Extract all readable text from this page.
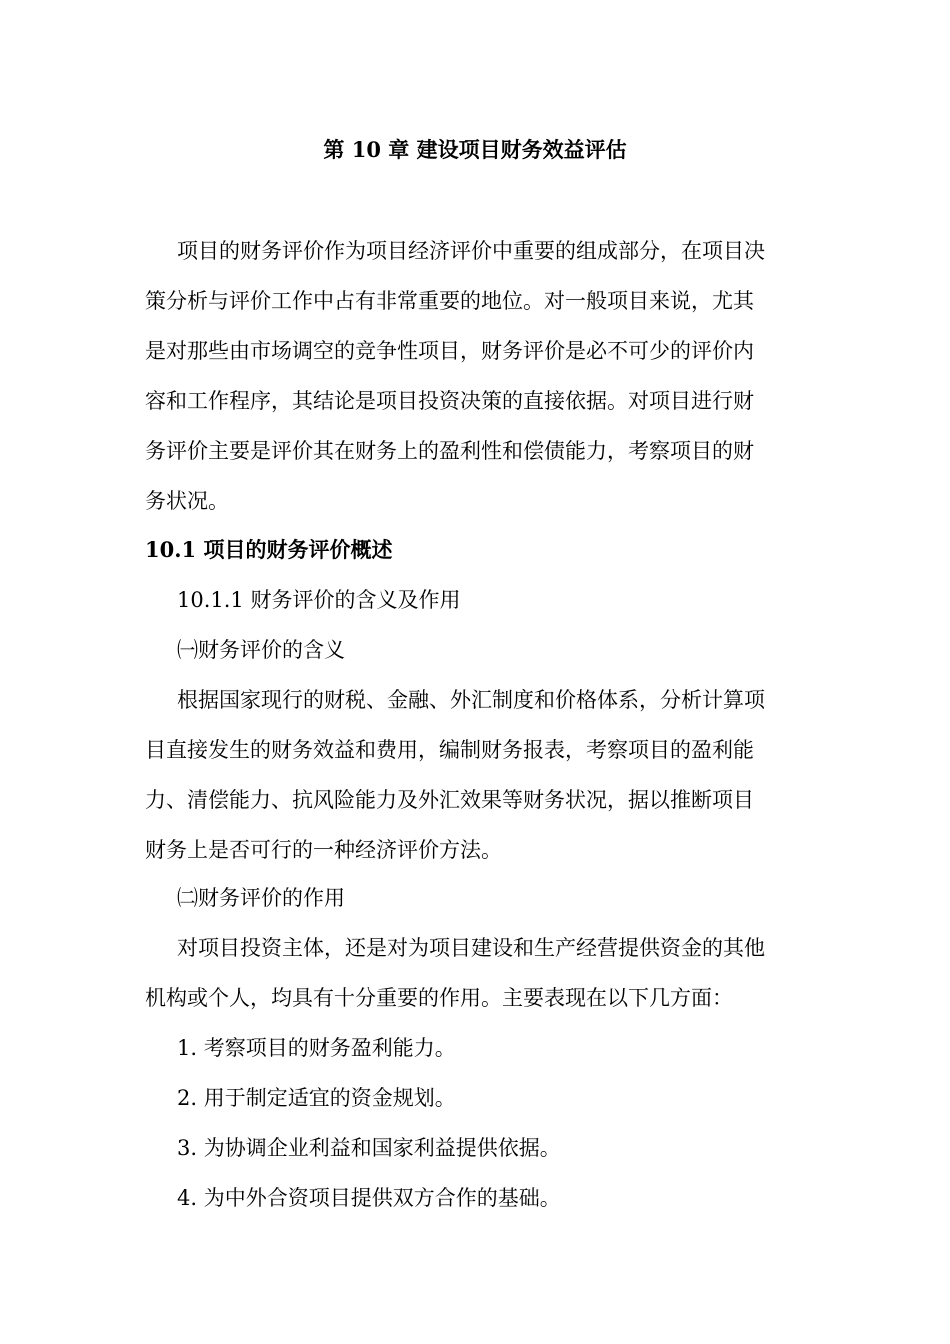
第 10 章 建设项目财务效益评估
项目的财务评价作为项目经济评价中重要的组成部分，在项目决
策分析与评价工作中占有非常重要的地位。对一般项目来说，尤其
是对那些由市场调空的竞争性项目，财务评价是必不可少的评价内
容和工作程序，其结论是项目投资决策的直接依据。对项目进行财
务评价主要是评价其在财务上的盈利性和偿债能力，考察项目的财
务状况。
10.1 项目的财务评价概述
10.1.1 财务评价的含义及作用
㈠财务评价的含义
根据国家现行的财税、金融、外汇制度和价格体系，分析计算项
目直接发生的财务效益和费用，编制财务报表，考察项目的盈利能
力、清偿能力、抗风险能力及外汇效果等财务状况，据以推断项目
财务上是否可行的一种经济评价方法。
㈡财务评价的作用
对项目投资主体，还是对为项目建设和生产经营提供资金的其他
机构或个人，均具有十分重要的作用。主要表现在以下几方面：
1. 考察项目的财务盈利能力。
2. 用于制定适宜的资金规划。
3. 为协调企业利益和国家利益提供依据。
4. 为中外合资项目提供双方合作的基础。
